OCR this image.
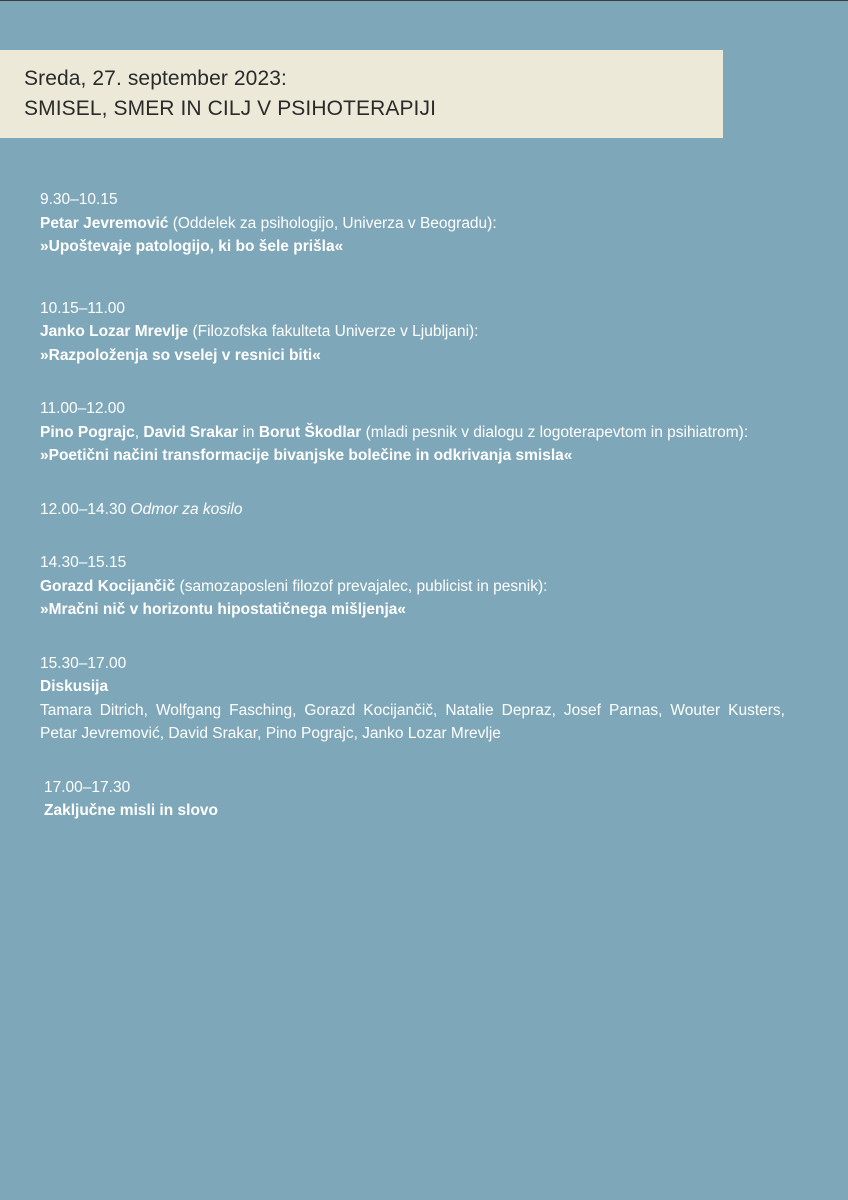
Sreda, 27. september 2023:
SMISEL, SMER IN CILJ V PSIHOTERAPIJI
9.30–10.15
Petar Jevremović (Oddelek za psihologijo, Univerza v Beogradu):
»Upoštevaje patologijo, ki bo šele prišla«
10.15–11.00
Janko Lozar Mrevlje (Filozofska fakulteta Univerze v Ljubljani):
»Razpoloženja so vselej v resnici biti«
11.00–12.00
Pino Pograjc, David Srakar in Borut Škodlar (mladi pesnik v dialogu z logoterapevtom in psihiatrom):
»Poetični načini transformacije bivanjske bolečine in odkrivanja smisla«
12.00–14.30 Odmor za kosilo
14.30–15.15
Gorazd Kocijančič (samozaposleni filozof prevajalec, publicist in pesnik):
»Mračni nič v horizontu hipostatičnega mišljenja«
15.30–17.00
Diskusija
Tamara Ditrich, Wolfgang Fasching, Gorazd Kocijančič, Natalie Depraz, Josef Parnas, Wouter Kusters, Petar Jevremović, David Srakar, Pino Pograjc, Janko Lozar Mrevlje
17.00–17.30
Zaključne misli in slovo
